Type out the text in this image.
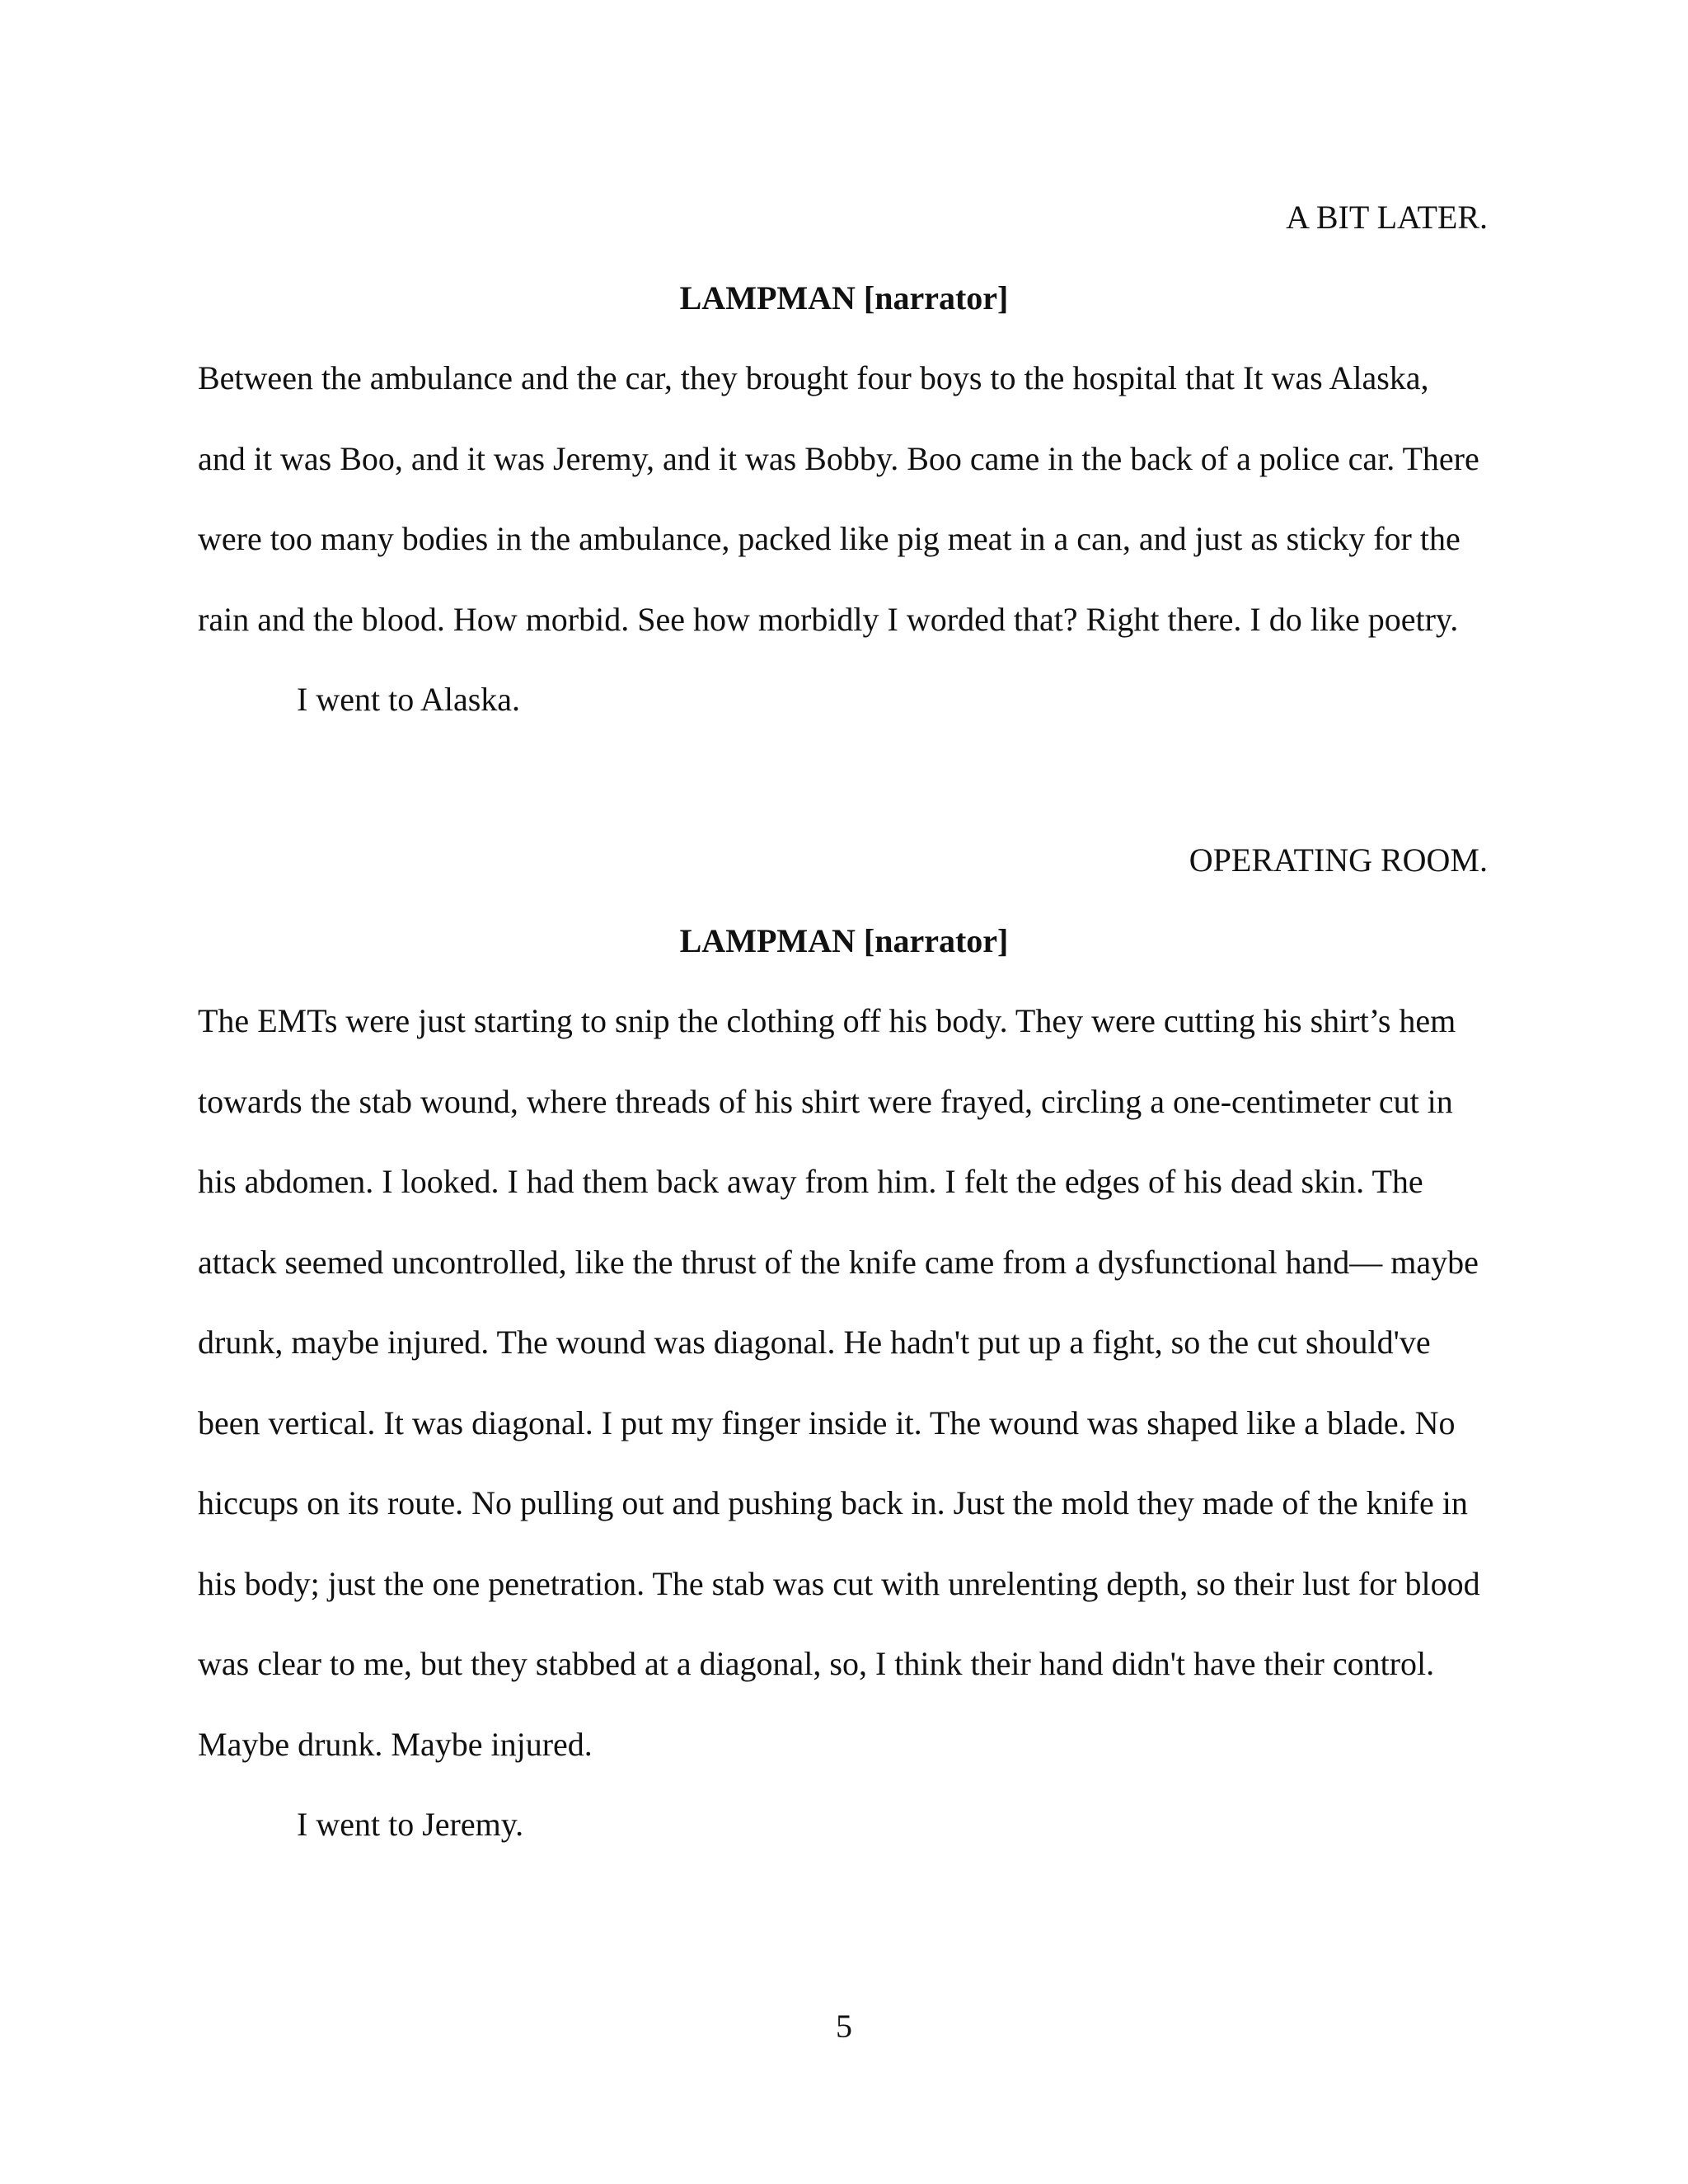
A BIT LATER.
LAMPMAN [narrator]
Between the ambulance and the car, they brought four boys to the hospital that It was Alaska,
and it was Boo, and it was Jeremy, and it was Bobby. Boo came in the back of a police car. There
were too many bodies in the ambulance, packed like pig meat in a can, and just as sticky for the
rain and the blood. How morbid. See how morbidly I worded that? Right there. I do like poetry.
I went to Alaska.
OPERATING ROOM.
LAMPMAN [narrator]
The EMTs were just starting to snip the clothing off his body. They were cutting his shirt’s hem
towards the stab wound, where threads of his shirt were frayed, circling a one-centimeter cut in
his abdomen. I looked. I had them back away from him. I felt the edges of his dead skin. The
attack seemed uncontrolled, like the thrust of the knife came from a dysfunctional hand— maybe
drunk, maybe injured. The wound was diagonal. He hadn't put up a fight, so the cut should've
been vertical. It was diagonal. I put my finger inside it. The wound was shaped like a blade. No
hiccups on its route. No pulling out and pushing back in. Just the mold they made of the knife in
his body; just the one penetration. The stab was cut with unrelenting depth, so their lust for blood
was clear to me, but they stabbed at a diagonal, so, I think their hand didn't have their control.
Maybe drunk. Maybe injured.
I went to Jeremy.
5
